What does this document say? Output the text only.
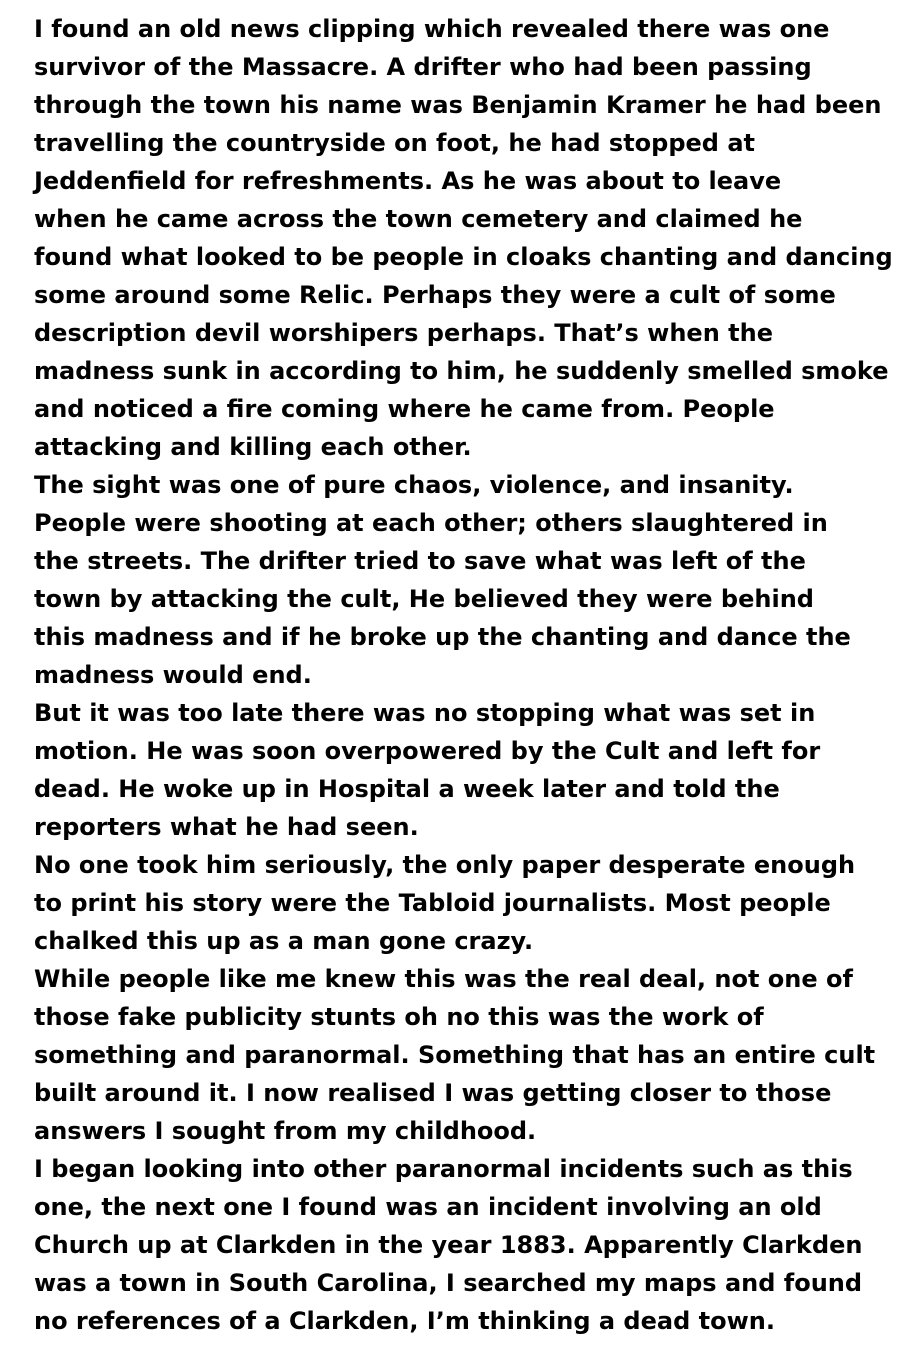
I found an old news clipping which revealed there was one
survivor of the Massacre. A drifter who had been passing
through the town his name was Benjamin Kramer he had been
travelling the countryside on foot, he had stopped at
Jeddenfield for refreshments. As he was about to leave
when he came across the town cemetery and claimed he
found what looked to be people in cloaks chanting and dancing
some around some Relic. Perhaps they were a cult of some
description devil worshipers perhaps. That’s when the
madness sunk in according to him, he suddenly smelled smoke
and noticed a fire coming where he came from. People
attacking and killing each other.
The sight was one of pure chaos, violence, and insanity.
People were shooting at each other; others slaughtered in
the streets. The drifter tried to save what was left of the
town by attacking the cult, He believed they were behind
this madness and if he broke up the chanting and dance the
madness would end.
But it was too late there was no stopping what was set in
motion. He was soon overpowered by the Cult and left for
dead. He woke up in Hospital a week later and told the
reporters what he had seen.
No one took him seriously, the only paper desperate enough
to print his story were the Tabloid journalists. Most people
chalked this up as a man gone crazy.
While people like me knew this was the real deal, not one of
those fake publicity stunts oh no this was the work of
something and paranormal. Something that has an entire cult
built around it. I now realised I was getting closer to those
answers I sought from my childhood.
I began looking into other paranormal incidents such as this
one, the next one I found was an incident involving an old
Church up at Clarkden in the year 1883. Apparently Clarkden
was a town in South Carolina, I searched my maps and found
no references of a Clarkden, I’m thinking a dead town.
